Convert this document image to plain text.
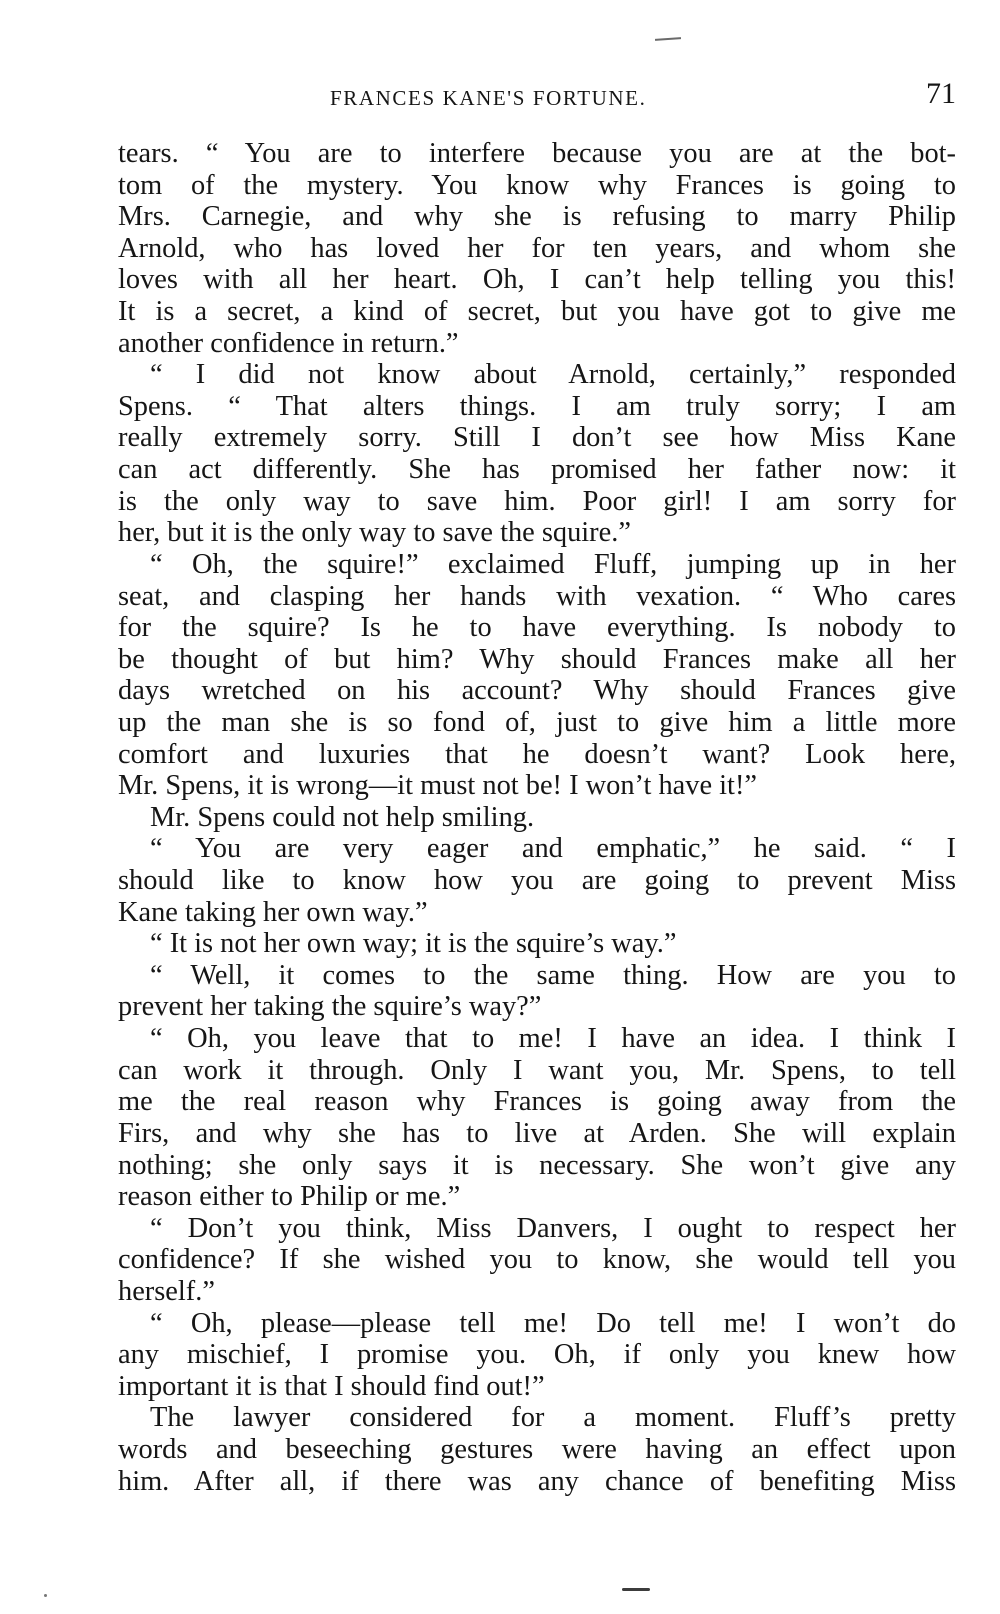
FRANCES KANE'S FORTUNE.	71
tears. “ You are to interfere because you are at the bot-
tom of the mystery. You know why Frances is going to
Mrs. Carnegie, and why she is refusing to marry Philip
Arnold, who has loved her for ten years, and whom she
loves with all her heart. Oh, I can’t help telling you this!
It is a secret, a kind of secret, but you have got to give me
another confidence in return.”
“ I did not know about Arnold, certainly,” responded
Spens. “ That alters things. I am truly sorry; I am
really extremely sorry. Still I don’t see how Miss Kane
can act differently. She has promised her father now: it
is the only way to save him. Poor girl! I am sorry for
her, but it is the only way to save the squire.”
“ Oh, the squire!” exclaimed Fluff, jumping up in her
seat, and clasping her hands with vexation. “ Who cares
for the squire? Is he to have everything. Is nobody to
be thought of but him? Why should Frances make all her
days wretched on his account? Why should Frances give
up the man she is so fond of, just to give him a little more
comfort and luxuries that he doesn’t want? Look here,
Mr. Spens, it is wrong—it must not be! I won’t have it!”
Mr. Spens could not help smiling.
“ You are very eager and emphatic,” he said. “ I
should like to know how you are going to prevent Miss
Kane taking her own way.”
“ It is not her own way; it is the squire’s way.”
“ Well, it comes to the same thing. How are you to
prevent her taking the squire’s way?”
“ Oh, you leave that to me! I have an idea. I think I
can work it through. Only I want you, Mr. Spens, to tell
me the real reason why Frances is going away from the
Firs, and why she has to live at Arden. She will explain
nothing; she only says it is necessary. She won’t give any
reason either to Philip or me.”
“ Don’t you think, Miss Danvers, I ought to respect her
confidence? If she wished you to know, she would tell you
herself.”
“ Oh, please—please tell me! Do tell me! I won’t do
any mischief, I promise you. Oh, if only you knew how
important it is that I should find out!”
The lawyer considered for a moment. Fluff’s pretty
words and beseeching gestures were having an effect upon
him. After all, if there was any chance of benefiting Miss
